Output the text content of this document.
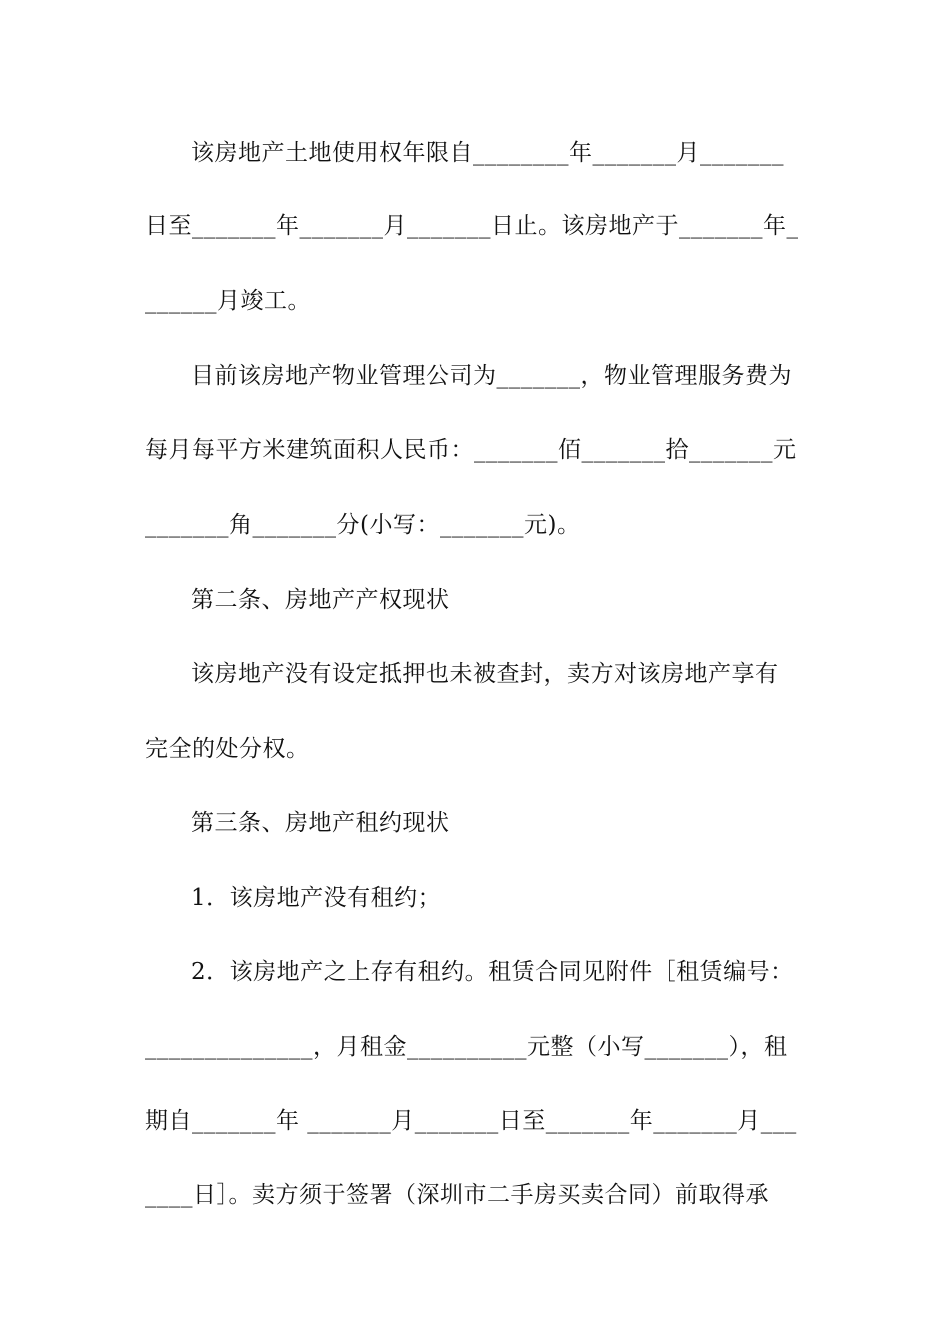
该房地产土地使用权年限自________年_______月_______
日至_______年_______月_______日止。该房地产于_______年_
______月竣工。
目前该房地产物业管理公司为_______，物业管理服务费为
每月每平方米建筑面积人民币：_______佰_______拾_______元
_______角_______分(小写：_______元)。
第二条、房地产产权现状
该房地产没有设定抵押也未被查封，卖方对该房地产享有
完全的处分权。
第三条、房地产租约现状
1．该房地产没有租约；
2．该房地产之上存有租约。租赁合同见附件［租赁编号：
______________，月租金__________元整（小写_______），租
期自_______年 _______月_______日至_______年_______月___
____日］。卖方须于签署（深圳市二手房买卖合同）前取得承
